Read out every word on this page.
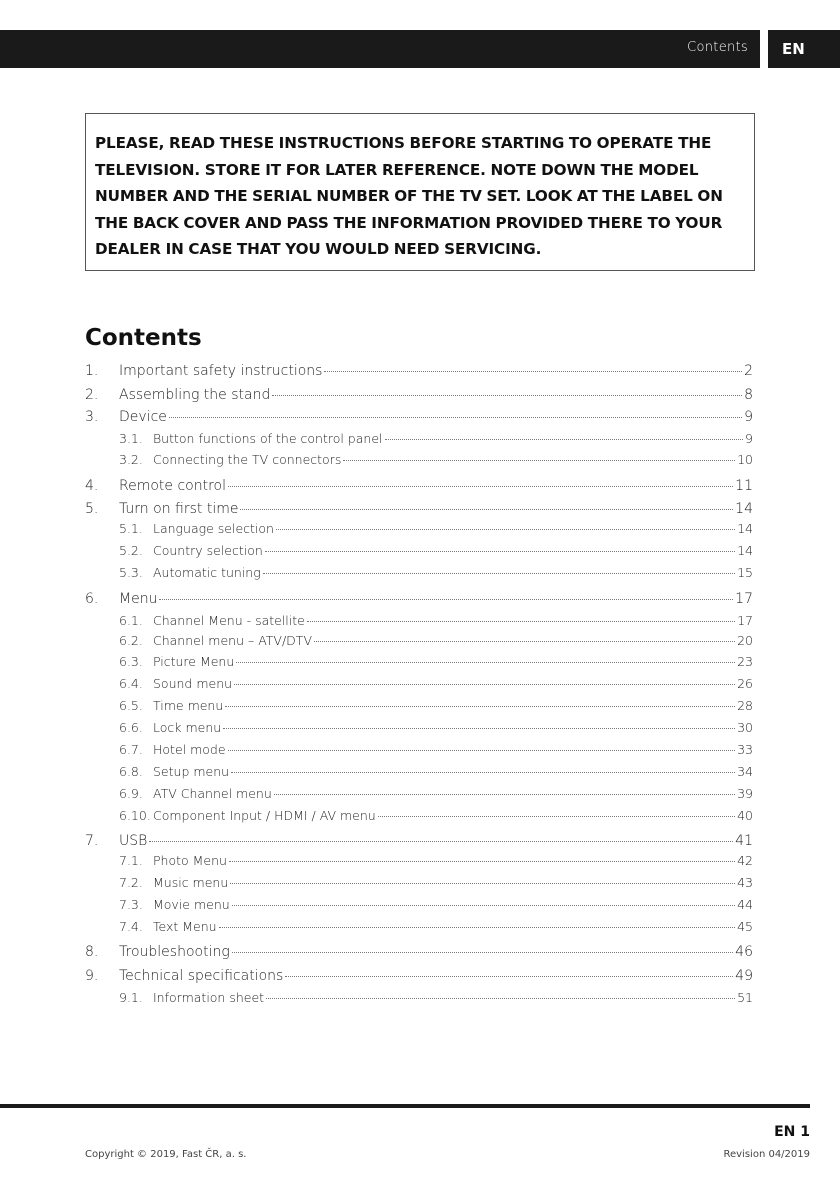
Contents	EN

PLEASE, READ THESE INSTRUCTIONS BEFORE STARTING TO OPERATE THE TELEVISION. STORE IT FOR LATER REFERENCE. NOTE DOWN THE MODEL NUMBER AND THE SERIAL NUMBER OF THE TV SET. LOOK AT THE LABEL ON THE BACK COVER AND PASS THE INFORMATION PROVIDED THERE TO YOUR DEALER IN CASE THAT YOU WOULD NEED SERVICING.

Contents
1.	Important safety instructions	2
2.	Assembling the stand	8
3.	Device	9
3.1. Button functions of the control panel	9
3.2. Connecting the TV connectors	10
4.	Remote control	11
5.	Turn on first time	14
5.1. Language selection	14
5.2. Country selection	14
5.3. Automatic tuning	15
6.	Menu	17
6.1. Channel Menu - satellite	17
6.2. Channel menu – ATV/DTV	20
6.3. Picture Menu	23
6.4. Sound menu	26
6.5. Time menu	28
6.6. Lock menu	30
6.7. Hotel mode	33
6.8. Setup menu	34
6.9. ATV Channel menu	39
6.10. Component Input / HDMI / AV menu	40
7.	USB	41
7.1. Photo Menu	42
7.2. Music menu	43
7.3. Movie menu	44
7.4. Text Menu	45
8.	Troubleshooting	46
9.	Technical specifications	49
9.1. Information sheet	51
EN 1
Copyright © 2019, Fast ČR, a. s.	Revision 04/2019
